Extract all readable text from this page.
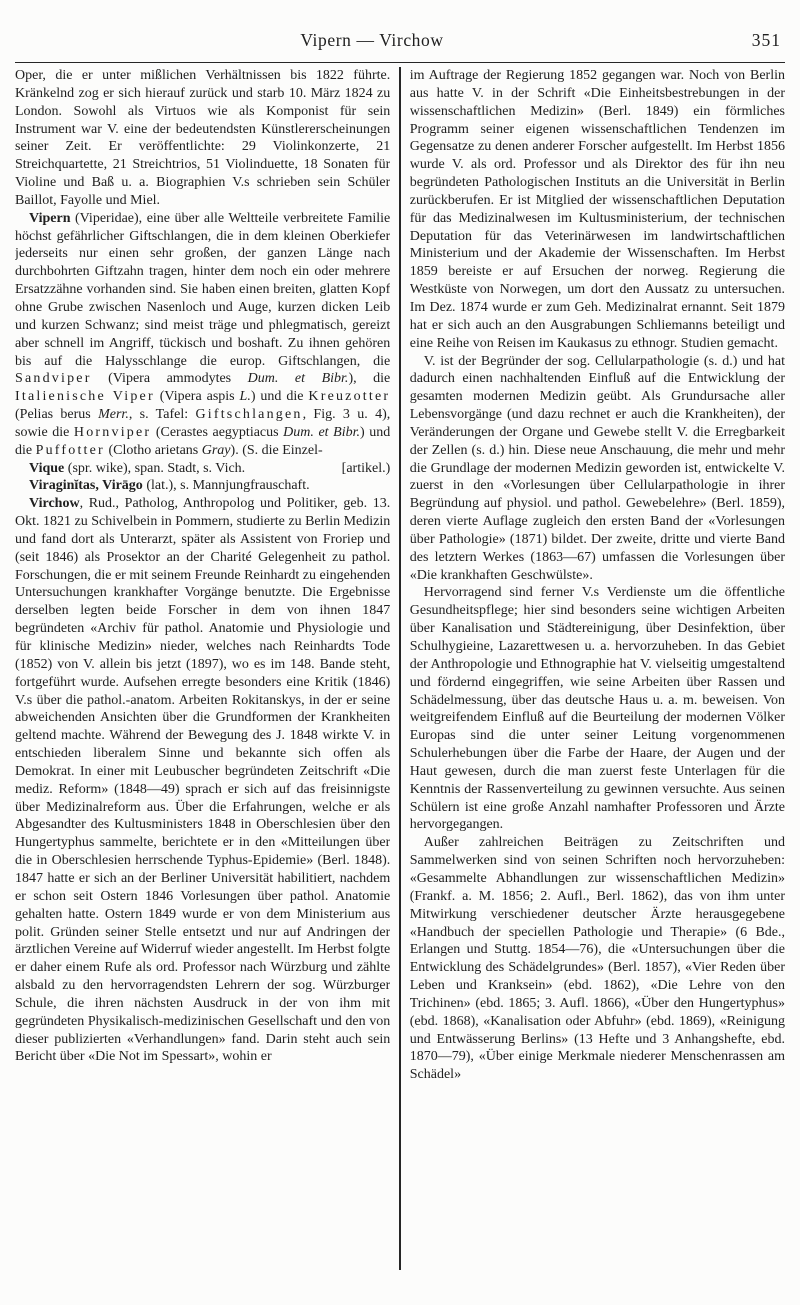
Vipern — Virchow	351

Oper, die er unter mißlichen Verhältnissen bis 1822 führte. Kränkelnd zog er sich hierauf zurück und starb 10. März 1824 zu London. Sowohl als Virtuos wie als Komponist für sein Instrument war V. eine der bedeutendsten Künstlererscheinungen seiner Zeit. Er veröffentlichte: 29 Violinkonzerte, 21 Streichquartette, 21 Streichtrios, 51 Violinduette, 18 Sonaten für Violine und Baß u. a. Biographien V.s schrieben sein Schüler Baillot, Fayolle und Miel.

Vipern (Viperidae), eine über alle Weltteile verbreitete Familie höchst gefährlicher Giftschlangen, die in dem kleinen Oberkiefer jederseits nur einen sehr großen, der ganzen Länge nach durchbohrten Giftzahn tragen, hinter dem noch ein oder mehrere Ersatzzähne vorhanden sind. Sie haben einen breiten, glatten Kopf ohne Grube zwischen Nasenloch und Auge, kurzen dicken Leib und kurzen Schwanz; sind meist träge und phlegmatisch, gereizt aber schnell im Angriff, tückisch und boshaft. Zu ihnen gehören bis auf die Halysschlange die europ. Giftschlangen, die Sandviper (Vipera ammodytes Dum. et Bibr.), die Italienische Viper (Vipera aspis L.) und die Kreuzotter (Pelias berus Merr., s. Tafel: Giftschlangen, Fig. 3 u. 4), sowie die Hornviper (Cerastes aegyptiacus Dum. et Bibr.) und die Puffotter (Clotho arietans Gray). (S. die Einzel-

[artikel.)
Vique (spr. wike), span. Stadt, s. Vich.

Viraginĭtas, Virāgo (lat.), s. Mannjungfrauschaft.

Virchow, Rud., Patholog, Anthropolog und Politiker, geb. 13. Okt. 1821 zu Schivelbein in Pommern, studierte zu Berlin Medizin und fand dort als Unterarzt, später als Assistent von Froriep und (seit 1846) als Prosektor an der Charité Gelegenheit zu pathol. Forschungen, die er mit seinem Freunde Reinhardt zu eingehenden Untersuchungen krankhafter Vorgänge benutzte. Die Ergebnisse derselben legten beide Forscher in dem von ihnen 1847 begründeten «Archiv für pathol. Anatomie und Physiologie und für klinische Medizin» nieder, welches nach Reinhardts Tode (1852) von V. allein bis jetzt (1897), wo es im 148. Bande steht, fortgeführt wurde. Aufsehen erregte besonders eine Kritik (1846) V.s über die pathol.-anatom. Arbeiten Rokitanskys, in der er seine abweichenden Ansichten über die Grundformen der Krankheiten geltend machte. Während der Bewegung des J. 1848 wirkte V. in entschieden liberalem Sinne und bekannte sich offen als Demokrat. In einer mit Leubuscher begründeten Zeitschrift «Die mediz. Reform» (1848—49) sprach er sich auf das freisinnigste über Medizinalreform aus. Über die Erfahrungen, welche er als Abgesandter des Kultusministers 1848 in Oberschlesien über den Hungertyphus sammelte, berichtete er in den «Mitteilungen über die in Oberschlesien herrschende Typhus-Epidemie» (Berl. 1848). 1847 hatte er sich an der Berliner Universität habilitiert, nachdem er schon seit Ostern 1846 Vorlesungen über pathol. Anatomie gehalten hatte. Ostern 1849 wurde er von dem Ministerium aus polit. Gründen seiner Stelle entsetzt und nur auf Andringen der ärztlichen Vereine auf Widerruf wieder angestellt. Im Herbst folgte er daher einem Rufe als ord. Professor nach Würzburg und zählte alsbald zu den hervorragendsten Lehrern der sog. Würzburger Schule, die ihren nächsten Ausdruck in der von ihm mit gegründeten Physikalisch-medizinischen Gesellschaft und den von dieser publizierten «Verhandlungen» fand. Darin steht auch sein Bericht über «Die Not im Spessart», wohin er

im Auftrage der Regierung 1852 gegangen war. Noch von Berlin aus hatte V. in der Schrift «Die Einheitsbestrebungen in der wissenschaftlichen Medizin» (Berl. 1849) ein förmliches Programm seiner eigenen wissenschaftlichen Tendenzen im Gegensatze zu denen anderer Forscher aufgestellt. Im Herbst 1856 wurde V. als ord. Professor und als Direktor des für ihn neu begründeten Pathologischen Instituts an die Universität in Berlin zurückberufen. Er ist Mitglied der wissenschaftlichen Deputation für das Medizinalwesen im Kultusministerium, der technischen Deputation für das Veterinärwesen im landwirtschaftlichen Ministerium und der Akademie der Wissenschaften. Im Herbst 1859 bereiste er auf Ersuchen der norweg. Regierung die Westküste von Norwegen, um dort den Aussatz zu untersuchen. Im Dez. 1874 wurde er zum Geh. Medizinalrat ernannt. Seit 1879 hat er sich auch an den Ausgrabungen Schliemanns beteiligt und eine Reihe von Reisen im Kaukasus zu ethnogr. Studien gemacht.

V. ist der Begründer der sog. Cellularpathologie (s. d.) und hat dadurch einen nachhaltenden Einfluß auf die Entwicklung der gesamten modernen Medizin geübt. Als Grundursache aller Lebensvorgänge (und dazu rechnet er auch die Krankheiten), der Veränderungen der Organe und Gewebe stellt V. die Erregbarkeit der Zellen (s. d.) hin. Diese neue Anschauung, die mehr und mehr die Grundlage der modernen Medizin geworden ist, entwickelte V. zuerst in den «Vorlesungen über Cellularpathologie in ihrer Begründung auf physiol. und pathol. Gewebelehre» (Berl. 1859), deren vierte Auflage zugleich den ersten Band der «Vorlesungen über Pathologie» (1871) bildet. Der zweite, dritte und vierte Band des letztern Werkes (1863—67) umfassen die Vorlesungen über «Die krankhaften Geschwülste».

Hervorragend sind ferner V.s Verdienste um die öffentliche Gesundheitspflege; hier sind besonders seine wichtigen Arbeiten über Kanalisation und Städtereinigung, über Desinfektion, über Schulhygieine, Lazarettwesen u. a. hervorzuheben. In das Gebiet der Anthropologie und Ethnographie hat V. vielseitig umgestaltend und fördernd eingegriffen, wie seine Arbeiten über Rassen und Schädelmessung, über das deutsche Haus u. a. m. beweisen. Von weitgreifendem Einfluß auf die Beurteilung der modernen Völker Europas sind die unter seiner Leitung vorgenommenen Schulerhebungen über die Farbe der Haare, der Augen und der Haut gewesen, durch die man zuerst feste Unterlagen für die Kenntnis der Rassenverteilung zu gewinnen versuchte. Aus seinen Schülern ist eine große Anzahl namhafter Professoren und Ärzte hervorgegangen.

Außer zahlreichen Beiträgen zu Zeitschriften und Sammelwerken sind von seinen Schriften noch hervorzuheben: «Gesammelte Abhandlungen zur wissenschaftlichen Medizin» (Frankf. a. M. 1856; 2. Aufl., Berl. 1862), das von ihm unter Mitwirkung verschiedener deutscher Ärzte herausgegebene «Handbuch der speciellen Pathologie und Therapie» (6 Bde., Erlangen und Stuttg. 1854—76), die «Untersuchungen über die Entwicklung des Schädelgrundes» (Berl. 1857), «Vier Reden über Leben und Kranksein» (ebd. 1862), «Die Lehre von den Trichinen» (ebd. 1865; 3. Aufl. 1866), «Über den Hungertyphus» (ebd. 1868), «Kanalisation oder Abfuhr» (ebd. 1869), «Reinigung und Entwässerung Berlins» (13 Hefte und 3 Anhangshefte, ebd. 1870—79), «Über einige Merkmale niederer Menschenrassen am Schädel»
